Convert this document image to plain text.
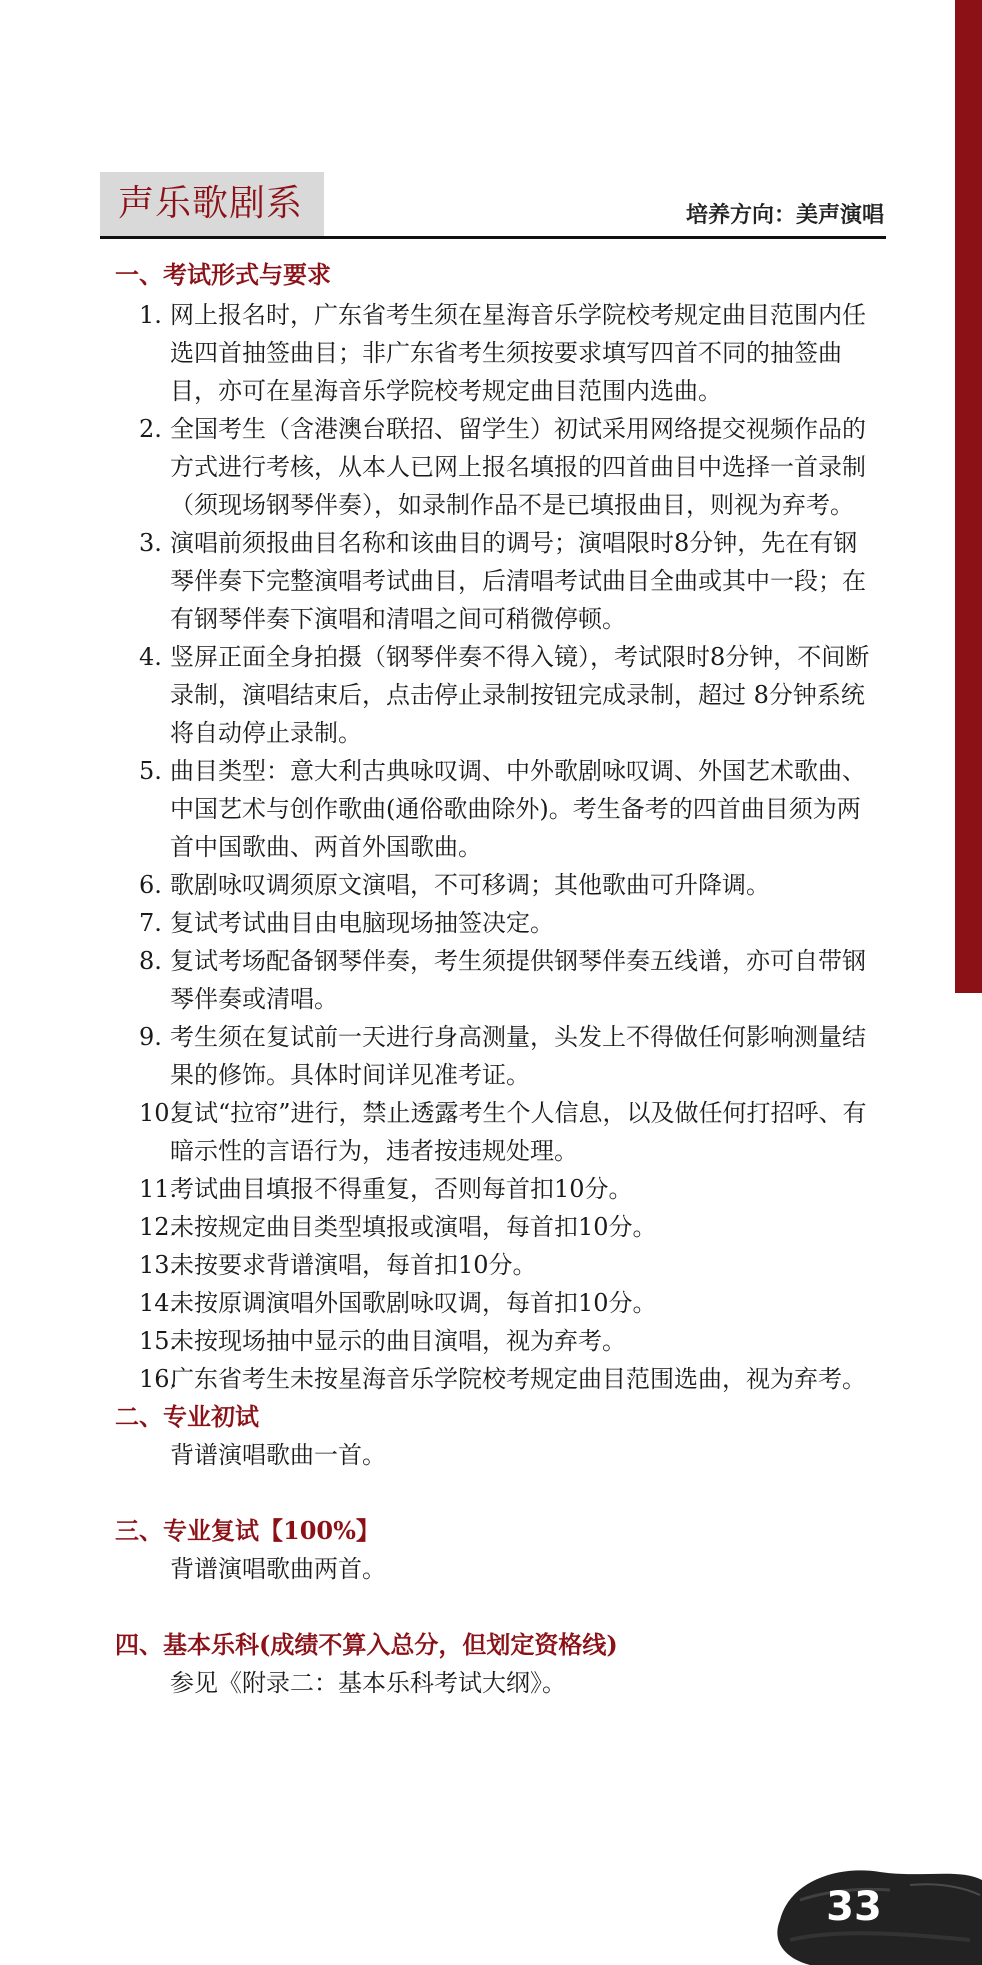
声乐歌剧系	培养方向：美声演唱
一、考试形式与要求
1. 网上报名时，广东省考生须在星海音乐学院校考规定曲目范围内任选四首抽签曲目；非广东省考生须按要求填写四首不同的抽签曲目，亦可在星海音乐学院校考规定曲目范围内选曲。
2. 全国考生（含港澳台联招、留学生）初试采用网络提交视频作品的方式进行考核，从本人已网上报名填报的四首曲目中选择一首录制（须现场钢琴伴奏），如录制作品不是已填报曲目，则视为弃考。
3. 演唱前须报曲目名称和该曲目的调号；演唱限时8分钟，先在有钢琴伴奏下完整演唱考试曲目，后清唱考试曲目全曲或其中一段；在有钢琴伴奏下演唱和清唱之间可稍微停顿。
4. 竖屏正面全身拍摄（钢琴伴奏不得入镜），考试限时8分钟，不间断录制，演唱结束后，点击停止录制按钮完成录制，超过 8分钟系统将自动停止录制。
5. 曲目类型：意大利古典咏叹调、中外歌剧咏叹调、外国艺术歌曲、中国艺术与创作歌曲(通俗歌曲除外)。考生备考的四首曲目须为两首中国歌曲、两首外国歌曲。
6. 歌剧咏叹调须原文演唱，不可移调；其他歌曲可升降调。
7. 复试考试曲目由电脑现场抽签决定。
8. 复试考场配备钢琴伴奏，考生须提供钢琴伴奏五线谱，亦可自带钢琴伴奏或清唱。
9. 考生须在复试前一天进行身高测量，头发上不得做任何影响测量结果的修饰。具体时间详见准考证。
10.
复试“拉帘”进行，禁止透露考生个人信息，以及做任何打招呼、有暗示性的言语行为，违者按违规处理。
11.
考试曲目填报不得重复，否则每首扣10分。
12.
未按规定曲目类型填报或演唱，每首扣10分。
13.
未按要求背谱演唱，每首扣10分。
14.
未按原调演唱外国歌剧咏叹调，每首扣10分。
15.
未按现场抽中显示的曲目演唱，视为弃考。
16.
广东省考生未按星海音乐学院校考规定曲目范围选曲，视为弃考。
二、专业初试
背谱演唱歌曲一首。
三、专业复试【100%】
背谱演唱歌曲两首。
四、基本乐科(成绩不算入总分，但划定资格线)
参见《附录二：基本乐科考试大纲》。
33
